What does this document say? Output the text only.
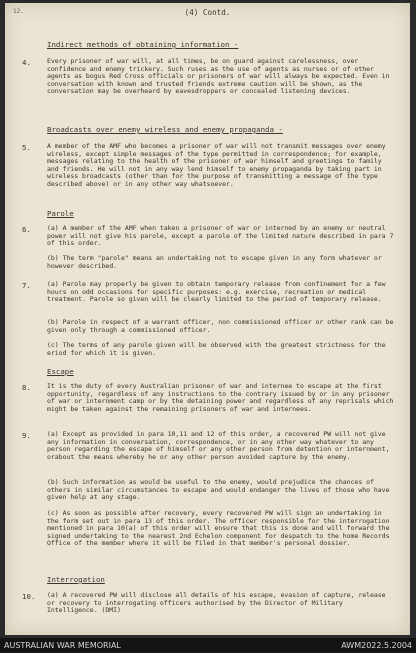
12.	(4) Contd.
Indirect methods of obtaining information -
4. Every prisoner of war will, at all times, be on guard against carelessness, over confidence and enemy trickery. Such ruses as the use of agents as nurses or of other agents as bogus Red Cross officials or prisoners of war will always be expected. Even in conversation with known and trusted friends extreme caution will be shown, as the conversation may be overheard by eavesdroppers or concealed listening devices.
Broadcasts over enemy wireless and enemy propaganda -
5. A member of the AMF who becomes a prisoner of war will not transmit messages over enemy wireless, except simple messages of the type permitted in correspondence; for example, messages relating to the health of the prisoner of war himself and greetings to family and friends. He will not in any way lend himself to enemy propaganda by taking part in wireless broadcasts (other than for the purpose of transmitting a message of the type described above) or in any other way whatsoever.
Parole
6. (a) A member of the AMF when taken a prisoner of war or interned by an enemy or neutral power will not give his parole, except a parole of the limited nature described in para 7 of this order.
(b) The term "parole" means an undertaking not to escape given in any form whatever or however described.
7. (a) Parole may properly be given to obtain temporary release from confinement for a few hours on odd occasions for specific purposes: e.g. exercise, recreation or medical treatment. Parole so given will be clearly limited to the period of temporary release.
(b) Parole in respect of a warrant officer, non commissioned officer or other rank can be given only through a commissioned officer.
(c) The terms of any parole given will be observed with the greatest strictness for the eriod for which it is given.
Escape
8. It is the duty of every Australian prisoner of war and internee to escape at the first opportunity, regardless of any instructions to the contrary issued by or in any prisoner of war or internment camp or by the detaining power and regardless of any reprisals which might be taken against the remaining prisoners of war and internees.
9. (a) Except as provided in para 10,11 and 12 of this order, a recovered PW will not give any information in conversation, correspondence, or in any other way whatever to any person regarding the escape of himself or any other person from detention or internment, orabout the means whereby he or any other person avoided capture by the enemy.
(b) Such information as would be useful to the enemy, would prejudice the chances of others in similar circumstances to escape and would endanger the lives of those who have given help at any stage.
(c) As soon as possible after recovery, every recovered PW will sign an undertaking in the form set out in para 13 of this order. The officer responsible for the interrogation mentioned in para 10(a) of this order will ensure that this is done and will forward the signed undertaking to the nearest 2nd Echelon component for despatch to the home Records Office of the member where it will be filed in that member's personal dossier.
Interrogation
10. (a) A recovered PW will disclose all details of his escape, evasion of capture, release or recovery to interrogating officers authorised by the Director of Military Intelligence. (DMI)
AUSTRALIAN WAR MEMORIAL	AWM2022.5.2004
